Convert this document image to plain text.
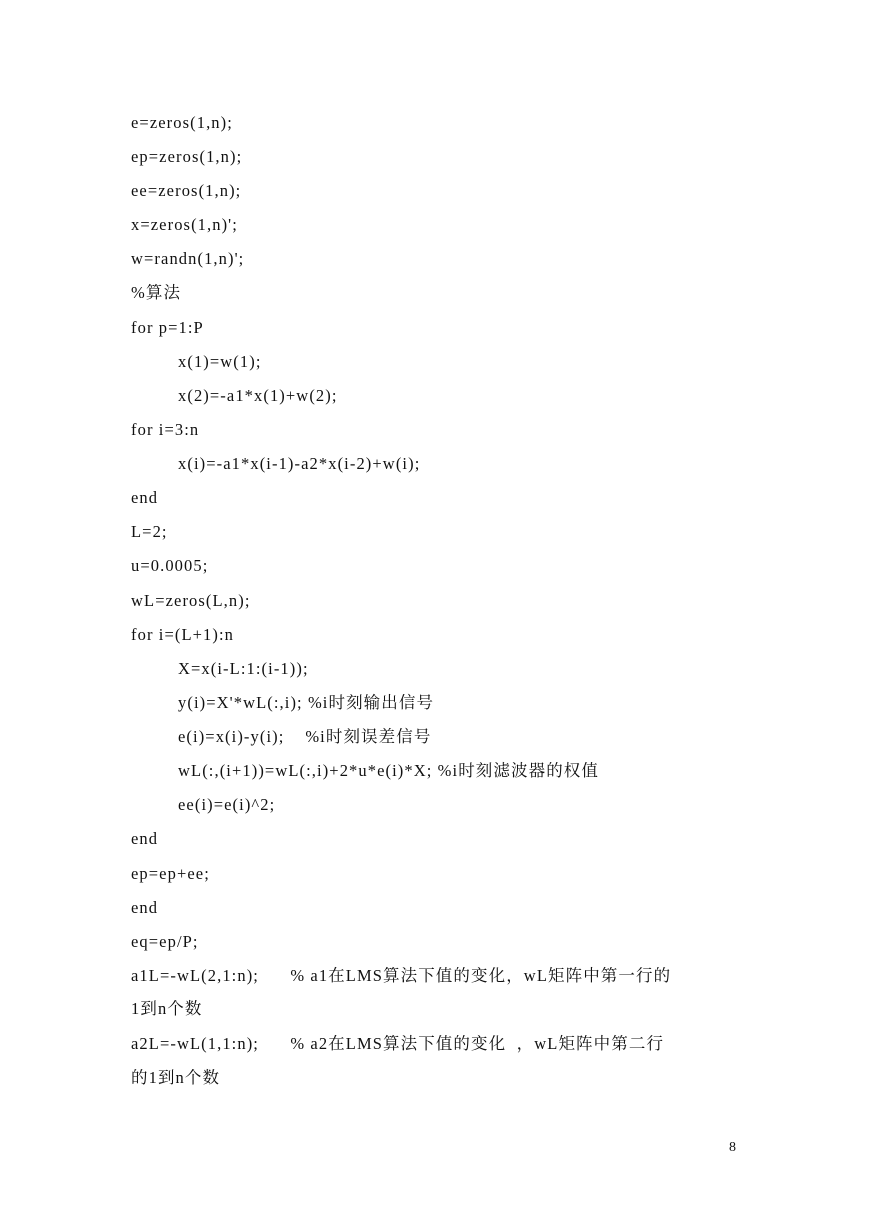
e=zeros(1,n);
ep=zeros(1,n);
ee=zeros(1,n);
x=zeros(1,n)';
w=randn(1,n)';
%算法
for p=1:P
x(1)=w(1);
x(2)=-a1*x(1)+w(2);
for i=3:n
x(i)=-a1*x(i-1)-a2*x(i-2)+w(i);
end
L=2;
u=0.0005;
wL=zeros(L,n);
for i=(L+1):n
X=x(i-L:1:(i-1));
y(i)=X'*wL(:,i); %i时刻输出信号
e(i)=x(i)-y(i);    %i时刻误差信号
wL(:,(i+1))=wL(:,i)+2*u*e(i)*X; %i时刻滤波器的权值
ee(i)=e(i)^2;
end
ep=ep+ee;
end
eq=ep/P;
a1L=-wL(2,1:n);      % a1在LMS算法下值的变化，wL矩阵中第一行的
1到n个数
a2L=-wL(1,1:n);      % a2在LMS算法下值的变化  ，wL矩阵中第二行
的1到n个数
8
